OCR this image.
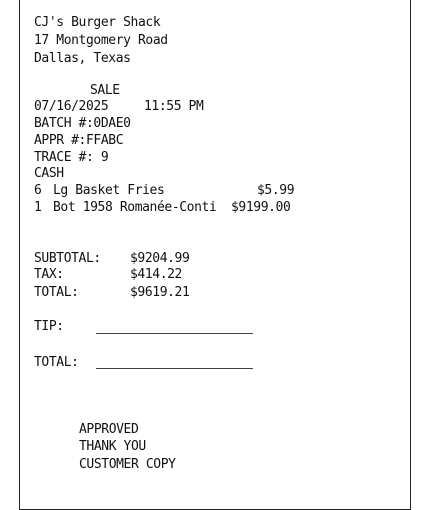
CJ's Burger Shack
17 Montgomery Road
Dallas, Texas
SALE
07/16/2025	11:55 PM
BATCH #:0DAE0
APPR #:FFABC
TRACE #: 9
CASH
6 Lg Basket Fries	$5.99
1 Bot 1958 Romanée-Conti $9199.00
SUBTOTAL: $9204.99
TAX:	$414.22
TOTAL:	$9619.21
TIP:
TOTAL:
APPROVED
THANK YOU
CUSTOMER COPY
